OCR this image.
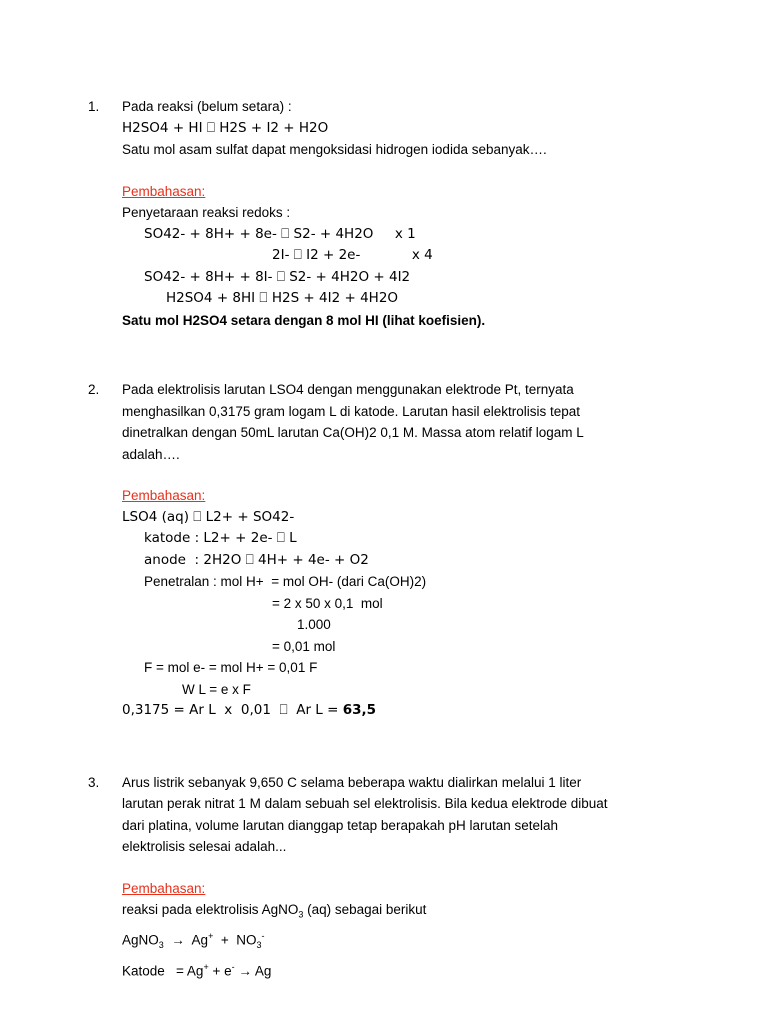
1.	Pada reaksi (belum setara) :
H2SO4 + HI ⎕ H2S + I2 + H2O
Satu mol asam sulfat dapat mengoksidasi hidrogen iodida sebanyak….
Pembahasan:
Penyetaraan reaksi redoks :
SO42- + 8H+ + 8e- ⎕ S2- + 4H2O     x 1
2I- ⎕ I2 + 2e-            x 4
SO42- + 8H+ + 8I- ⎕ S2- + 4H2O + 4I2
H2SO4 + 8HI ⎕ H2S + 4I2 + 4H2O
Satu mol H2SO4 setara dengan 8 mol HI (lihat koefisien).
2.	Pada elektrolisis larutan LSO4 dengan menggunakan elektrode Pt, ternyata
menghasilkan 0,3175 gram logam L di katode. Larutan hasil elektrolisis tepat
dinetralkan dengan 50mL larutan Ca(OH)2 0,1 M. Massa atom relatif logam L
adalah….
Pembahasan:
LSO4 (aq) ⎕ L2+ + SO42-
katode : L2+ + 2e- ⎕ L
anode  : 2H2O ⎕ 4H+ + 4e- + O2
Penetralan : mol H+  = mol OH- (dari Ca(OH)2)
= 2 x 50 x 0,1  mol
1.000
= 0,01 mol
F = mol e- = mol H+ = 0,01 F
W L = e x F
0,3175 = Ar L  x  0,01  ⎕  Ar L = 63,5
3.	Arus listrik sebanyak 9,650 C selama beberapa waktu dialirkan melalui 1 liter
larutan perak nitrat 1 M dalam sebuah sel elektrolisis. Bila kedua elektrode dibuat
dari platina, volume larutan dianggap tetap berapakah pH larutan setelah
elektrolisis selesai adalah...
Pembahasan:
reaksi pada elektrolisis AgNO$_3$ (aq) sebagai berikut
AgNO$_3$  →  $Ag^+ + NO_3^-$
Katode   = Ag+ + e- → Ag
